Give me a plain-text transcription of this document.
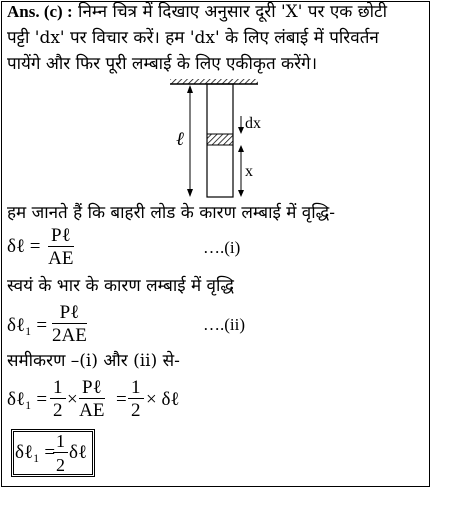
Ans. (c) : निम्न चित्र में दिखाए अनुसार दूरी 'X' पर एक छोटी
पट्टी 'dx' पर विचार करें। हम 'dx' के लिए लंबाई में परिवर्तन
पायेंगे और फिर पूरी लम्बाई के लिए एकीकृत करेंगे।
dx
ℓ
x
हम जानते हैं कि बाहरी लोड के कारण लम्बाई में वृद्धि-
δℓ =
Pℓ
AE
….(i)
स्वयं के भार के कारण लम्बाई में वृद्धि
δℓ₁ =
Pℓ
2AE
….(ii)
समीकरण –(i) और (ii) से-
δℓ₁ = $\frac{1}{2}$ ×
Pℓ
AE
= $\frac{1}{2}$ × δℓ
δℓ₁ =
$\frac{1}{2}$ δℓ
